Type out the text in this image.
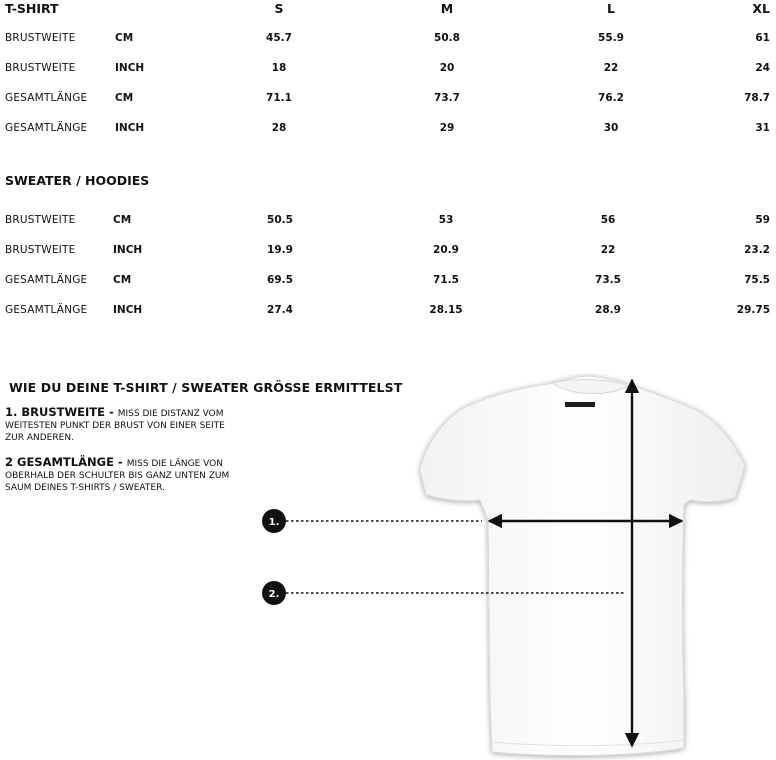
T-SHIRT		S	M	L	XL
BRUSTWEITE	CM	45.7	50.8	55.9	61
BRUSTWEITE	INCH	18	20	22	24
GESAMTLÄNGE	CM	71.1	73.7	76.2	78.7
GESAMTLÄNGE	INCH	28	29	30	31
SWEATER / HOODIES
BRUSTWEITE	CM	50.5	53	56	59
BRUSTWEITE	INCH	19.9	20.9	22	23.2
GESAMTLÄNGE	CM	69.5	71.5	73.5	75.5
GESAMTLÄNGE	INCH	27.4	28.15	28.9	29.75
WIE DU DEINE T-SHIRT / SWEATER GRÖSSE ERMITTELST
1. BRUSTWEITE - MISS DIE DISTANZ VOM WEITESTEN PUNKT DER BRUST VON EINER SEITE ZUR ANDEREN.
2 GESAMTLÄNGE - MISS DIE LÄNGE VON OBERHALB DER SCHULTER BIS GANZ UNTEN ZUM SAUM DEINES T-SHIRTS / SWEATER.
1.
2.
